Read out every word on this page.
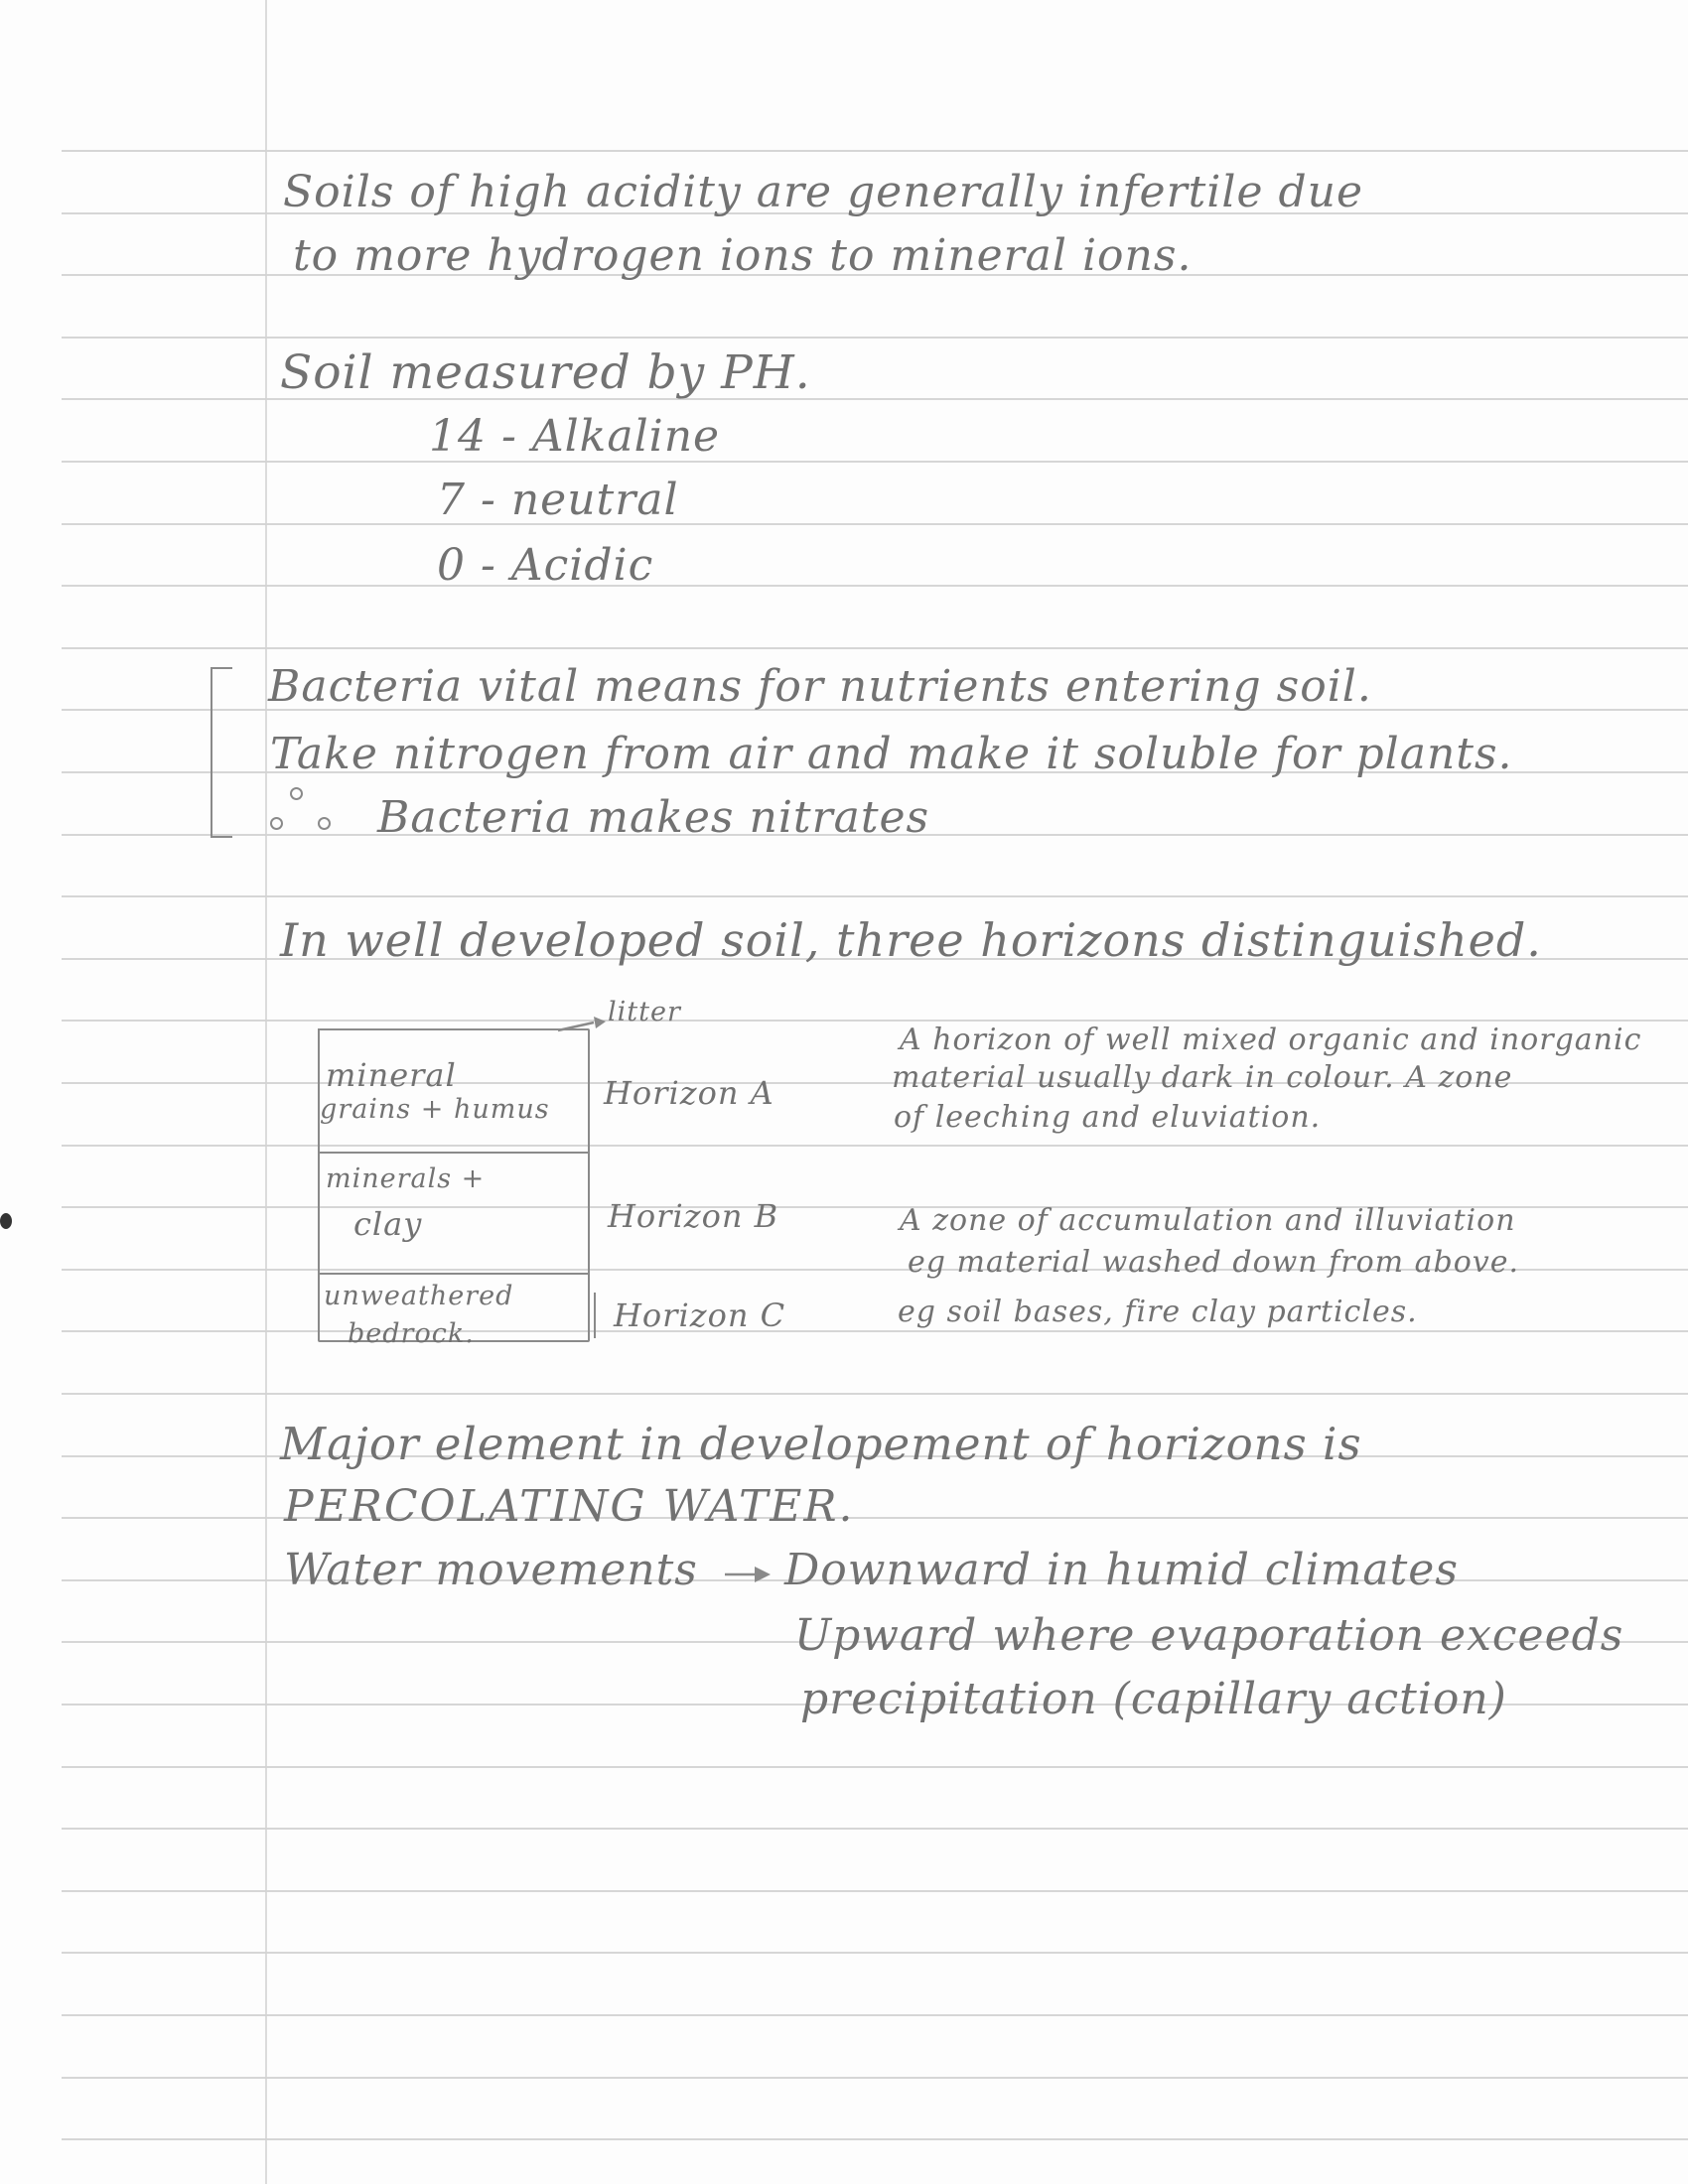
Soils of high acidity are generally infertile due
to more hydrogen ions to mineral ions.
Soil measured by PH.
14 - Alkaline
7 - neutral
0 - Acidic
Bacteria vital means for nutrients entering soil.
Take nitrogen from air and make it soluble for plants.
Bacteria makes nitrates
In well developed soil, three horizons distinguished.
litter
mineral
grains + humus
minerals +
clay
unweathered
bedrock.
Horizon A
Horizon B
Horizon C
A horizon of well mixed organic and inorganic
material usually dark in colour. A zone
of leeching and eluviation.
A zone of accumulation and illuviation
eg material washed down from above.
eg soil bases, fire clay particles.
Major element in developement of horizons is
PERCOLATING WATER.
Water movements Downward in humid climates
Upward where evaporation exceeds
precipitation (capillary action)
